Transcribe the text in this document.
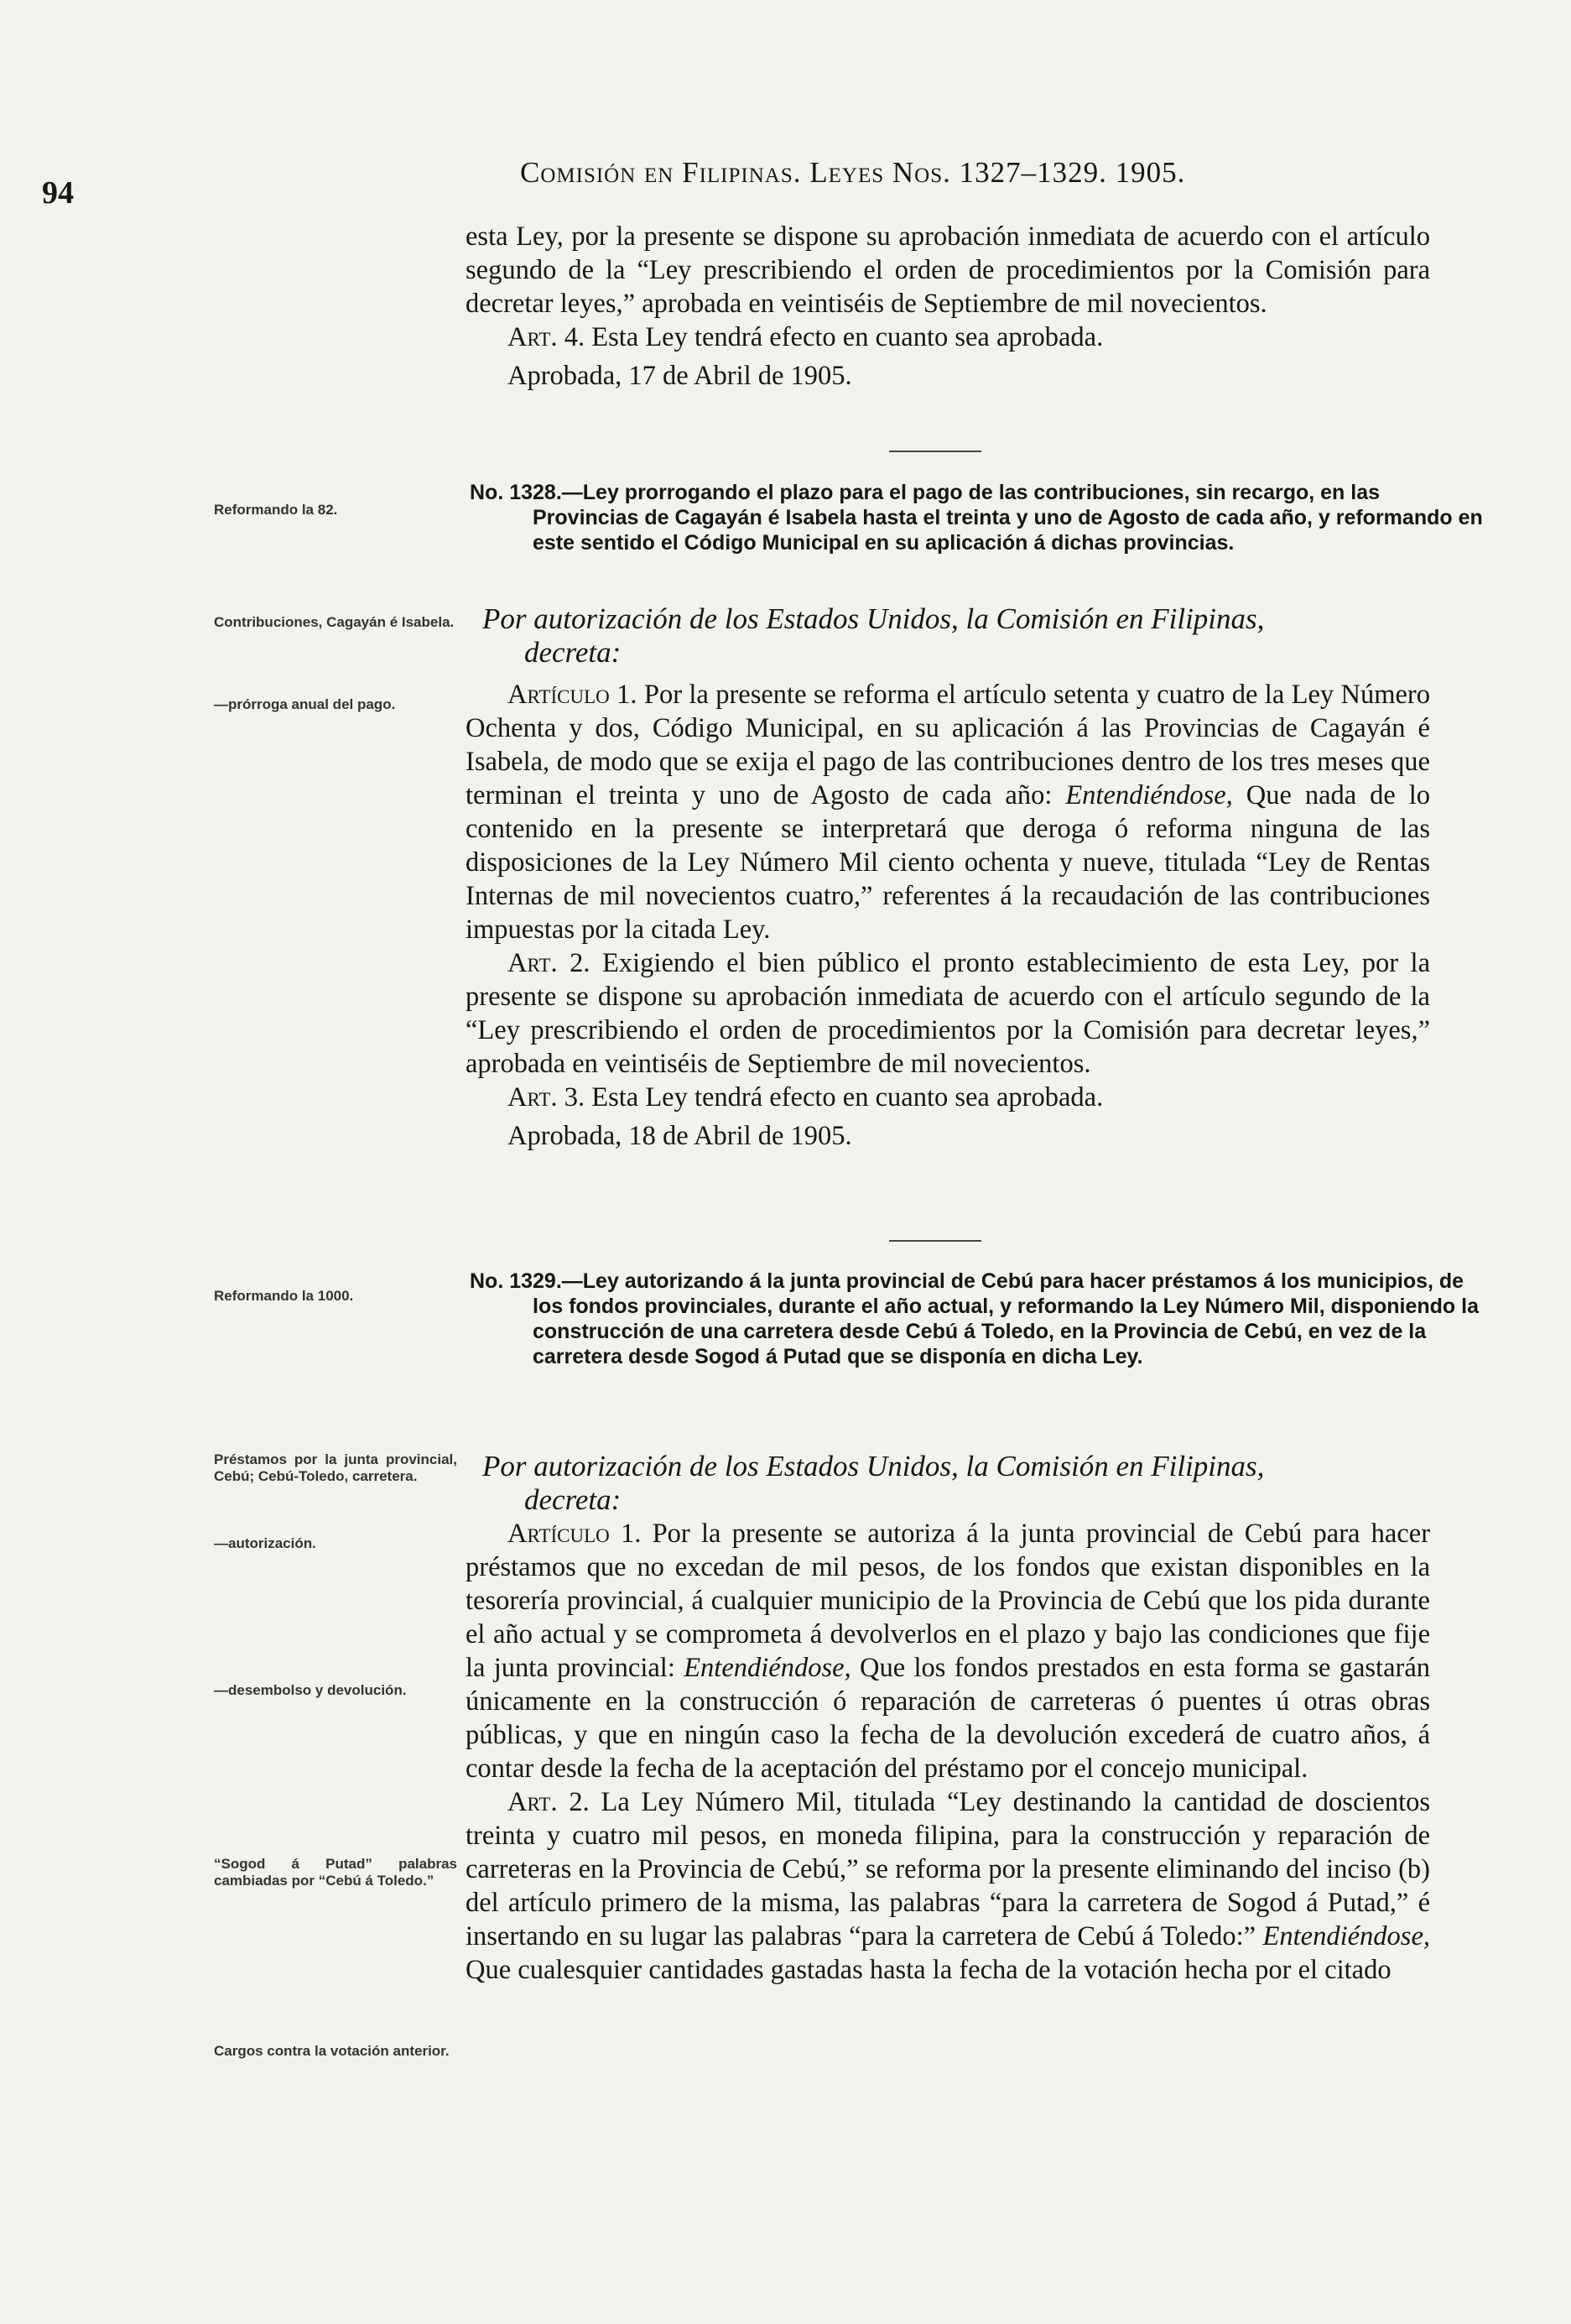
94
Comisión en Filipinas. Leyes Nos. 1327–1329. 1905.

esta Ley, por la presente se dispone su aprobación inmediata de acuerdo con el artículo segundo de la “Ley prescribiendo el orden de procedimientos por la Comisión para decretar leyes,” aprobada en veintiséis de Septiembre de mil novecientos.

Art. 4. Esta Ley tendrá efecto en cuanto sea aprobada.

Aprobada, 17 de Abril de 1905.

Reformando la 82.
No. 1328.—Ley prorrogando el plazo para el pago de las contribuciones, sin recargo, en las Provincias de Cagayán é Isabela hasta el treinta y uno de Agosto de cada año, y reformando en este sentido el Código Municipal en su aplicación á dichas provincias.
Contribuciones, Cagayán é Isabela. Por autorización de los Estados Unidos, la Comisión en Filipinas,
decreta:
—prórroga anual del pago.	Artículo 1. Por la presente se reforma el artículo setenta y cuatro de la Ley Número Ochenta y dos, Código Municipal, en su aplicación á las Provincias de Cagayán é Isabela, de modo que se exija el pago de las contribuciones dentro de los tres meses que terminan el treinta y uno de Agosto de cada año: Entendiéndose, Que nada de lo contenido en la presente se interpretará que deroga ó reforma ninguna de las disposiciones de la Ley Número Mil ciento ochenta y nueve, titulada “Ley de Rentas Internas de mil novecientos cuatro,” referentes á la recaudación de las contribuciones impuestas por la citada Ley.

Art. 2. Exigiendo el bien público el pronto establecimiento de esta Ley, por la presente se dispone su aprobación inmediata de acuerdo con el artículo segundo de la “Ley prescribiendo el orden de procedimientos por la Comisión para decretar leyes,” aprobada en veintiséis de Septiembre de mil novecientos.

Art. 3. Esta Ley tendrá efecto en cuanto sea aprobada.

Aprobada, 18 de Abril de 1905.

Reformando la 1000.
No. 1329.—Ley autorizando á la junta provincial de Cebú para hacer préstamos á los municipios, de los fondos provinciales, durante el año actual, y reformando la Ley Número Mil, disponiendo la construcción de una carretera desde Cebú á Toledo, en la Provincia de Cebú, en vez de la carretera desde Sogod á Putad que se disponía en dicha Ley.
Préstamos por la junta provincial, Cebú; Cebú-Toledo, carretera.
—autorización.
Por autorización de los Estados Unidos, la Comisión en Filipinas,
decreta:
—desembolso y devolución.
“Sogod á Putad” palabras cambiadas por “Cebú á Toledo.”
Cargos contra la votación anterior.

Artículo 1. Por la presente se autoriza á la junta provincial de Cebú para hacer préstamos que no excedan de mil pesos, de los fondos que existan disponibles en la tesorería provincial, á cualquier municipio de la Provincia de Cebú que los pida durante el año actual y se comprometa á devolverlos en el plazo y bajo las condiciones que fije la junta provincial: Entendiéndose, Que los fondos prestados en esta forma se gastarán únicamente en la construcción ó reparación de carreteras ó puentes ú otras obras públicas, y que en ningún caso la fecha de la devolución excederá de cuatro años, á contar desde la fecha de la aceptación del préstamo por el concejo municipal.

Art. 2. La Ley Número Mil, titulada “Ley destinando la cantidad de doscientos treinta y cuatro mil pesos, en moneda filipina, para la construcción y reparación de carreteras en la Provincia de Cebú,” se reforma por la presente eliminando del inciso (b) del artículo primero de la misma, las palabras “para la carretera de Sogod á Putad,” é insertando en su lugar las palabras “para la carretera de Cebú á Toledo:” Entendiéndose, Que cualesquier cantidades gastadas hasta la fecha de la votación hecha por el citado
